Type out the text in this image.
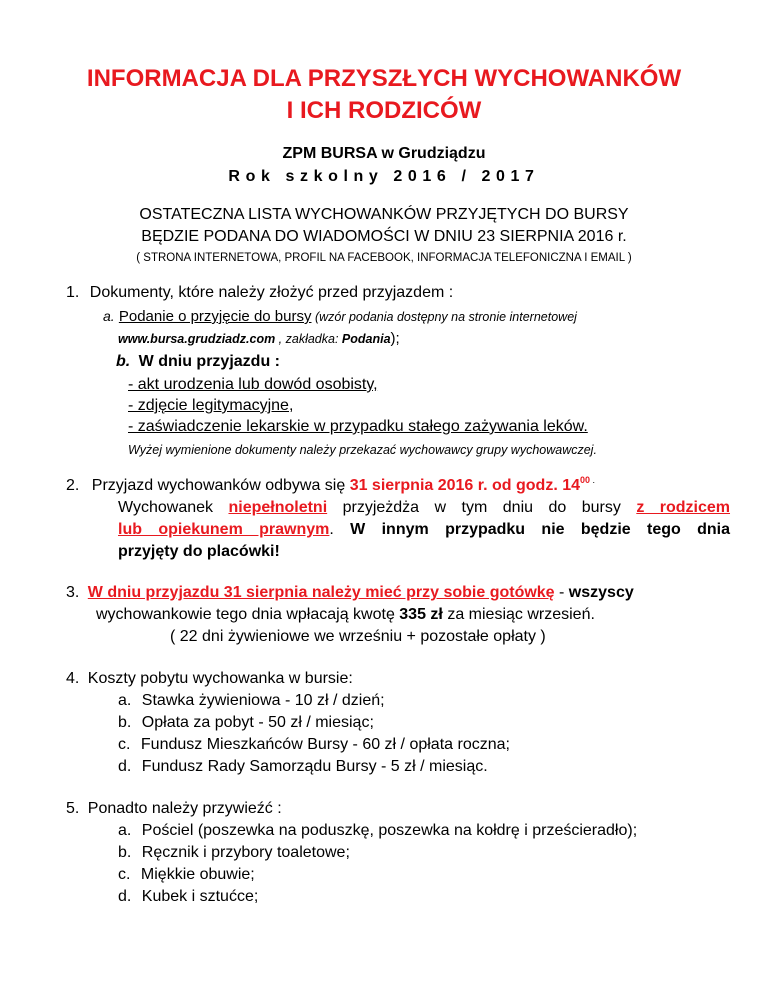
INFORMACJA DLA PRZYSZŁYCH WYCHOWANKÓW
I ICH RODZICÓW

ZPM BURSA w Grudziądzu

Rok szkolny 2016 / 2017

OSTATECZNA LISTA WYCHOWANKÓW PRZYJĘTYCH DO BURSY

BĘDZIE PODANA DO WIADOMOŚCI W DNIU 23 SIERPNIA 2016 r.

( STRONA INTERNETOWA, PROFIL NA FACEBOOK, INFORMACJA TELEFONICZNA I EMAIL )

1. Dokumenty, które należy złożyć przed przyjazdem :

a. Podanie o przyjęcie do bursy (wzór podania dostępny na stronie internetowej

www.bursa.grudziadz.com , zakładka: Podania);

b. W dniu przyjazdu :

- akt urodzenia lub dowód osobisty,

- zdjęcie legitymacyjne,

- zaświadczenie lekarskie w przypadku stałego zażywania leków.

Wyżej wymienione dokumenty należy przekazać wychowawcy grupy wychowawczej.

2. Przyjazd wychowanków odbywa się 31 sierpnia 2016 r. od godz. $14^{00}$ .

Wychowanek niepełnoletni przyjeżdża w tym dniu do bursy z rodzicem

lub opiekunem prawnym. W innym przypadku nie będzie tego dnia

przyjęty do placówki!

3. W dniu przyjazdu 31 sierpnia należy mieć przy sobie gotówkę - wszyscy

wychowankowie tego dnia wpłacają kwotę 335 zł za miesiąc wrzesień.

( 22 dni żywieniowe we wrześniu + pozostałe opłaty )

4. Koszty pobytu wychowanka w bursie:

a. Stawka żywieniowa - 10 zł / dzień;

b. Opłata za pobyt - 50 zł / miesiąc;

c. Fundusz Mieszkańców Bursy - 60 zł / opłata roczna;

d. Fundusz Rady Samorządu Bursy - 5 zł / miesiąc.

5. Ponadto należy przywieźć :

a. Pościel (poszewka na poduszkę, poszewka na kołdrę i prześcieradło);

b. Ręcznik i przybory toaletowe;

c. Miękkie obuwie;

d. Kubek i sztućce;
